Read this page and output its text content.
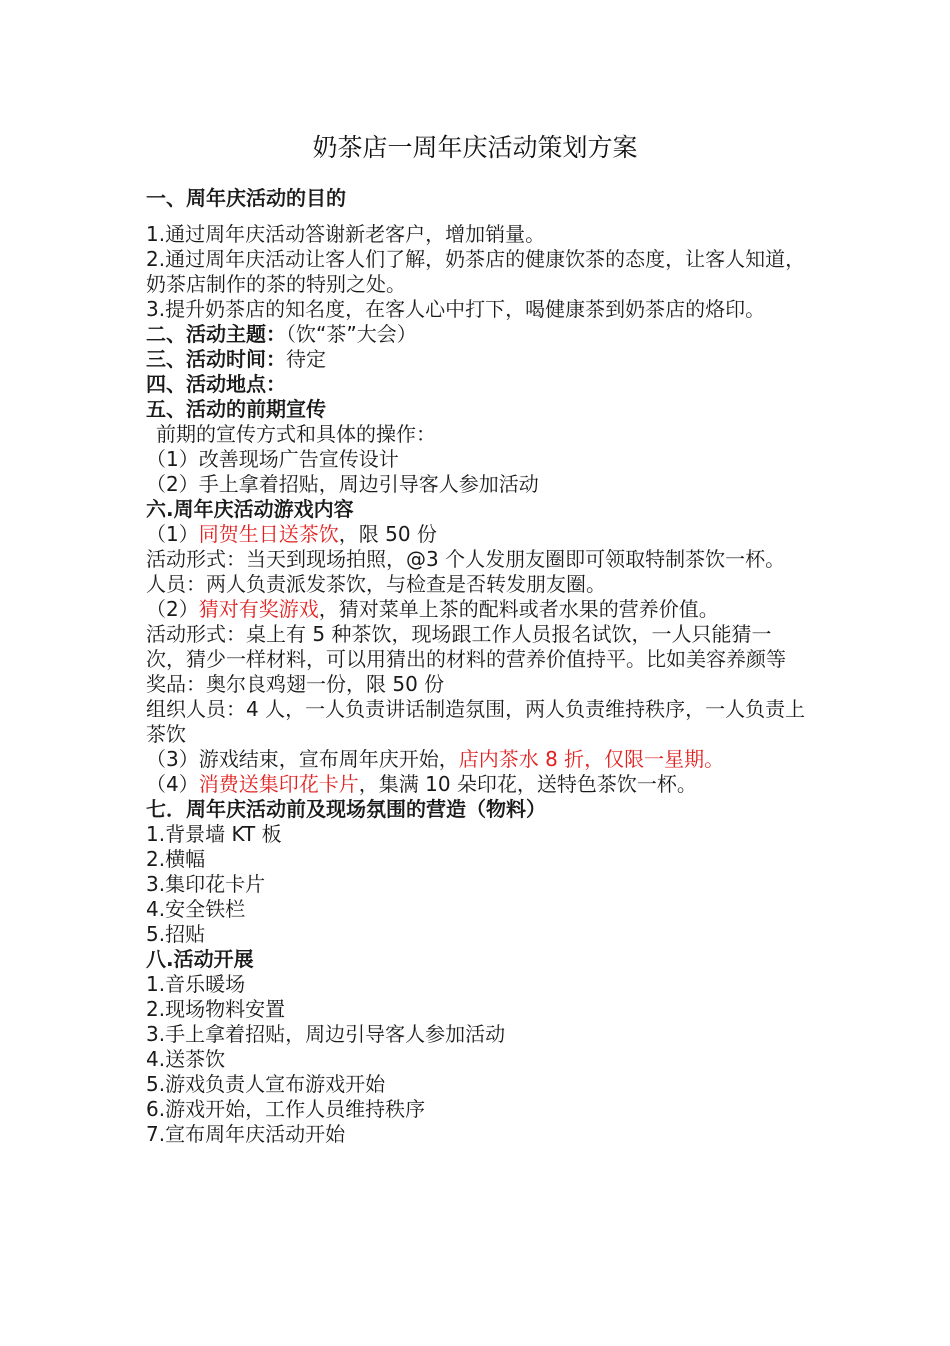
奶茶店一周年庆活动策划方案

一、周年庆活动的目的

1.通过周年庆活动答谢新老客户，增加销量。

2.通过周年庆活动让客人们了解，奶茶店的健康饮茶的态度，让客人知道，奶茶店制作的茶的特别之处。

3.提升奶茶店的知名度，在客人心中打下，喝健康茶到奶茶店的烙印。

二、活动主题：（饮“茶”大会）

三、活动时间：待定

四、活动地点：

五、活动的前期宣传

前期的宣传方式和具体的操作：

（1）改善现场广告宣传设计

（2）手上拿着招贴，周边引导客人参加活动

六.周年庆活动游戏内容

（1）同贺生日送茶饮，限 50 份

活动形式：当天到现场拍照，@3 个人发朋友圈即可领取特制茶饮一杯。

人员：两人负责派发茶饮，与检查是否转发朋友圈。

（2）猜对有奖游戏，猜对菜单上茶的配料或者水果的营养价值。

活动形式：桌上有 5 种茶饮，现场跟工作人员报名试饮，一人只能猜一次，猜少一样材料，可以用猜出的材料的营养价值持平。比如美容养颜等

奖品：奥尔良鸡翅一份，限 50 份

组织人员：4 人，一人负责讲话制造氛围，两人负责维持秩序，一人负责上茶饮

（3）游戏结束，宣布周年庆开始，店内茶水 8 折，仅限一星期。

（4）消费送集印花卡片，集满 10 朵印花，送特色茶饮一杯。

七．周年庆活动前及现场氛围的营造（物料）

1.背景墙 KT 板

2.横幅

3.集印花卡片

4.安全铁栏

5.招贴

八.活动开展

1.音乐暖场

2.现场物料安置

3.手上拿着招贴，周边引导客人参加活动

4.送茶饮

5.游戏负责人宣布游戏开始

6.游戏开始，工作人员维持秩序

7.宣布周年庆活动开始
